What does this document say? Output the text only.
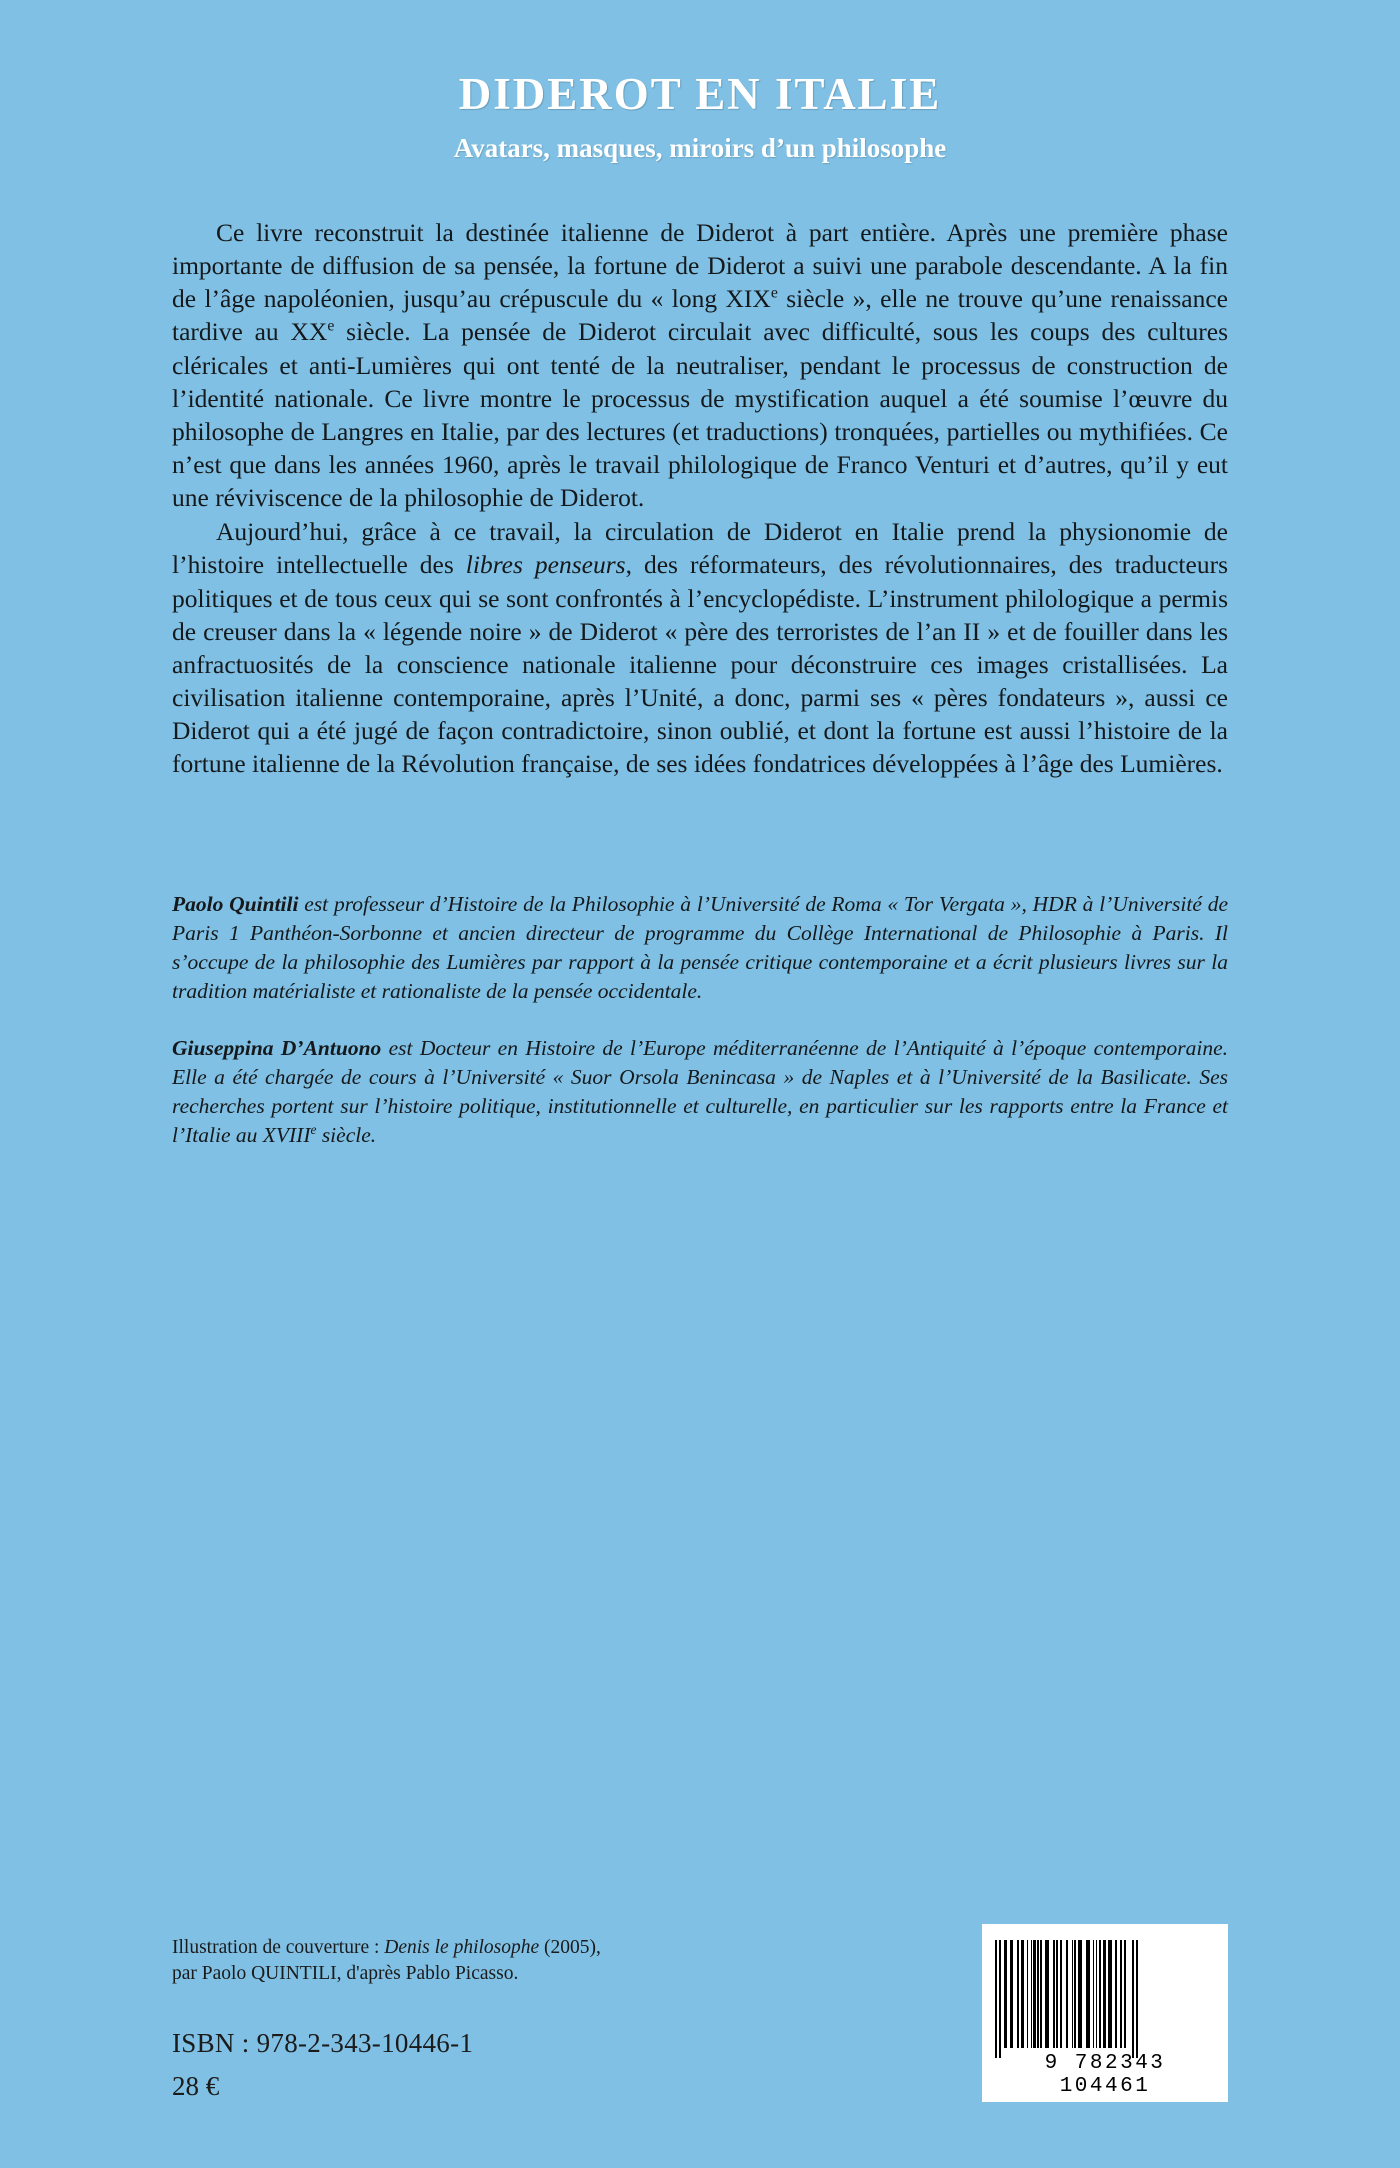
DIDEROT EN ITALIE
Avatars, masques, miroirs d’un philosophe

Ce livre reconstruit la destinée italienne de Diderot à part entière. Après une première phase importante de diffusion de sa pensée, la fortune de Diderot a suivi une parabole descendante. A la fin de l’âge napoléonien, jusqu’au crépuscule du « long XIXe siècle », elle ne trouve qu’une renaissance tardive au XXe siècle. La pensée de Diderot circulait avec difficulté, sous les coups des cultures cléricales et anti-Lumières qui ont tenté de la neutraliser, pendant le processus de construction de l’identité nationale. Ce livre montre le processus de mystification auquel a été soumise l’œuvre du philosophe de Langres en Italie, par des lectures (et traductions) tronquées, partielles ou mythifiées. Ce n’est que dans les années 1960, après le travail philologique de Franco Venturi et d’autres, qu’il y eut une réviviscence de la philosophie de Diderot.

Aujourd’hui, grâce à ce travail, la circulation de Diderot en Italie prend la physionomie de l’histoire intellectuelle des libres penseurs, des réformateurs, des révolutionnaires, des traducteurs politiques et de tous ceux qui se sont confrontés à l’encyclopédiste. L’instrument philologique a permis de creuser dans la « légende noire » de Diderot « père des terroristes de l’an II » et de fouiller dans les anfractuosités de la conscience nationale italienne pour déconstruire ces images cristallisées. La civilisation italienne contemporaine, après l’Unité, a donc, parmi ses « pères fondateurs », aussi ce Diderot qui a été jugé de façon contradictoire, sinon oublié, et dont la fortune est aussi l’histoire de la fortune italienne de la Révolution française, de ses idées fondatrices développées à l’âge des Lumières.

Paolo Quintili est professeur d’Histoire de la Philosophie à l’Université de Roma « Tor Vergata », HDR à l’Université de Paris 1 Panthéon-Sorbonne et ancien directeur de programme du Collège International de Philosophie à Paris. Il s’occupe de la philosophie des Lumières par rapport à la pensée critique contemporaine et a écrit plusieurs livres sur la tradition matérialiste et rationaliste de la pensée occidentale.

Giuseppina D’Antuono est Docteur en Histoire de l’Europe méditerranéenne de l’Antiquité à l’époque contemporaine. Elle a été chargée de cours à l’Université « Suor Orsola Benincasa » de Naples et à l’Université de la Basilicate. Ses recherches portent sur l’histoire politique, institutionnelle et culturelle, en particulier sur les rapports entre la France et l’Italie au XVIIIe siècle.

Illustration de couverture : Denis le philosophe (2005),
par Paolo QUINTILI, d'après Pablo Picasso.
ISBN : 978-2-343-10446-1
28 €
9 782343 104461
